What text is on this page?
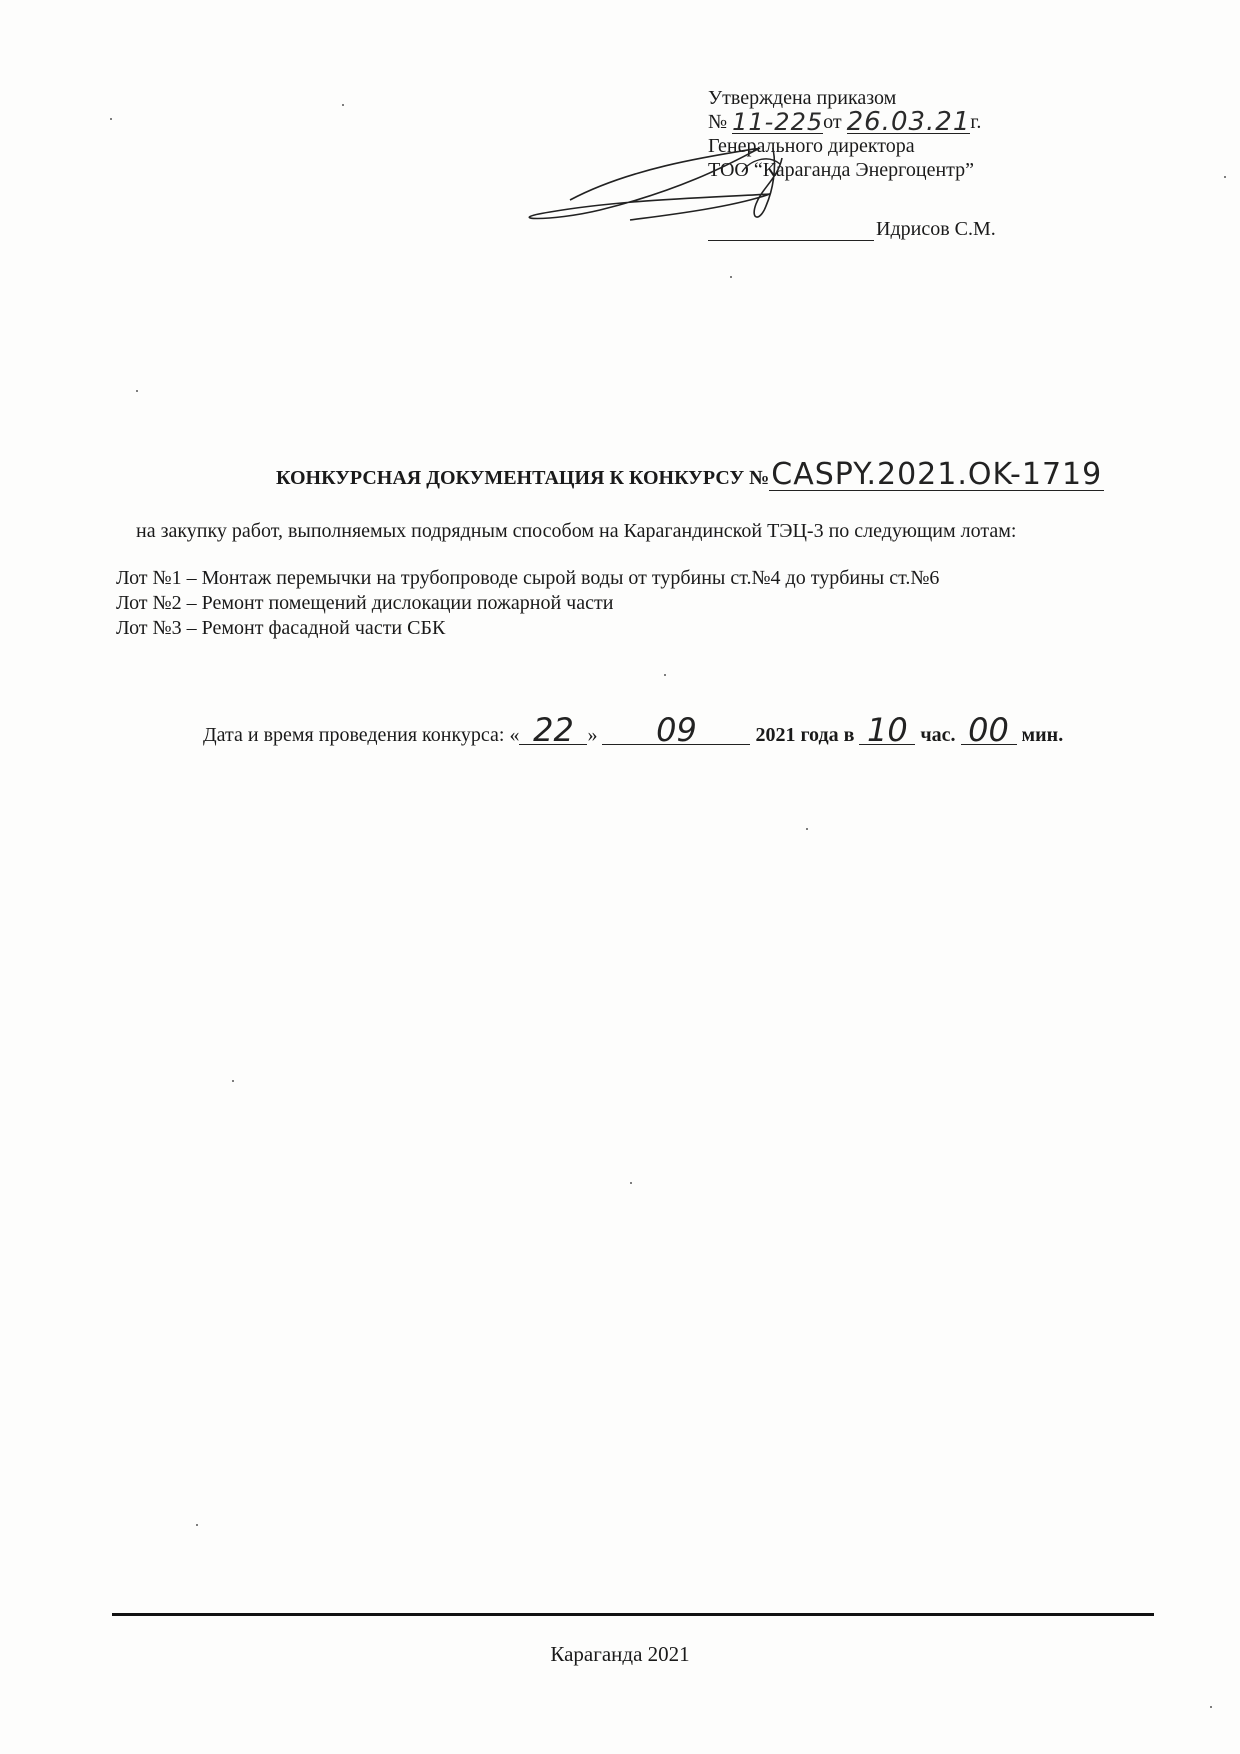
Утверждена приказом
№ 11-225от 26.03.21г.
Генерального директора
ТОО “Караганда Энергоцентр”
Идрисов С.М.
КОНКУРСНАЯ ДОКУМЕНТАЦИЯ К КОНКУРСУ №CASPY.2021.OK-1719
на закупку работ, выполняемых подрядным способом на Карагандинской ТЭЦ-3 по следующим лотам:
Лот №1 – Монтаж перемычки на трубопроводе сырой воды от турбины ст.№4 до турбины ст.№6
Лот №2 – Ремонт помещений дислокации пожарной части
Лот №3 – Ремонт фасадной части СБК
Дата и время проведения конкурса: « 22 » 09	2021 года в 10 час. 00 мин.
Караганда 2021
